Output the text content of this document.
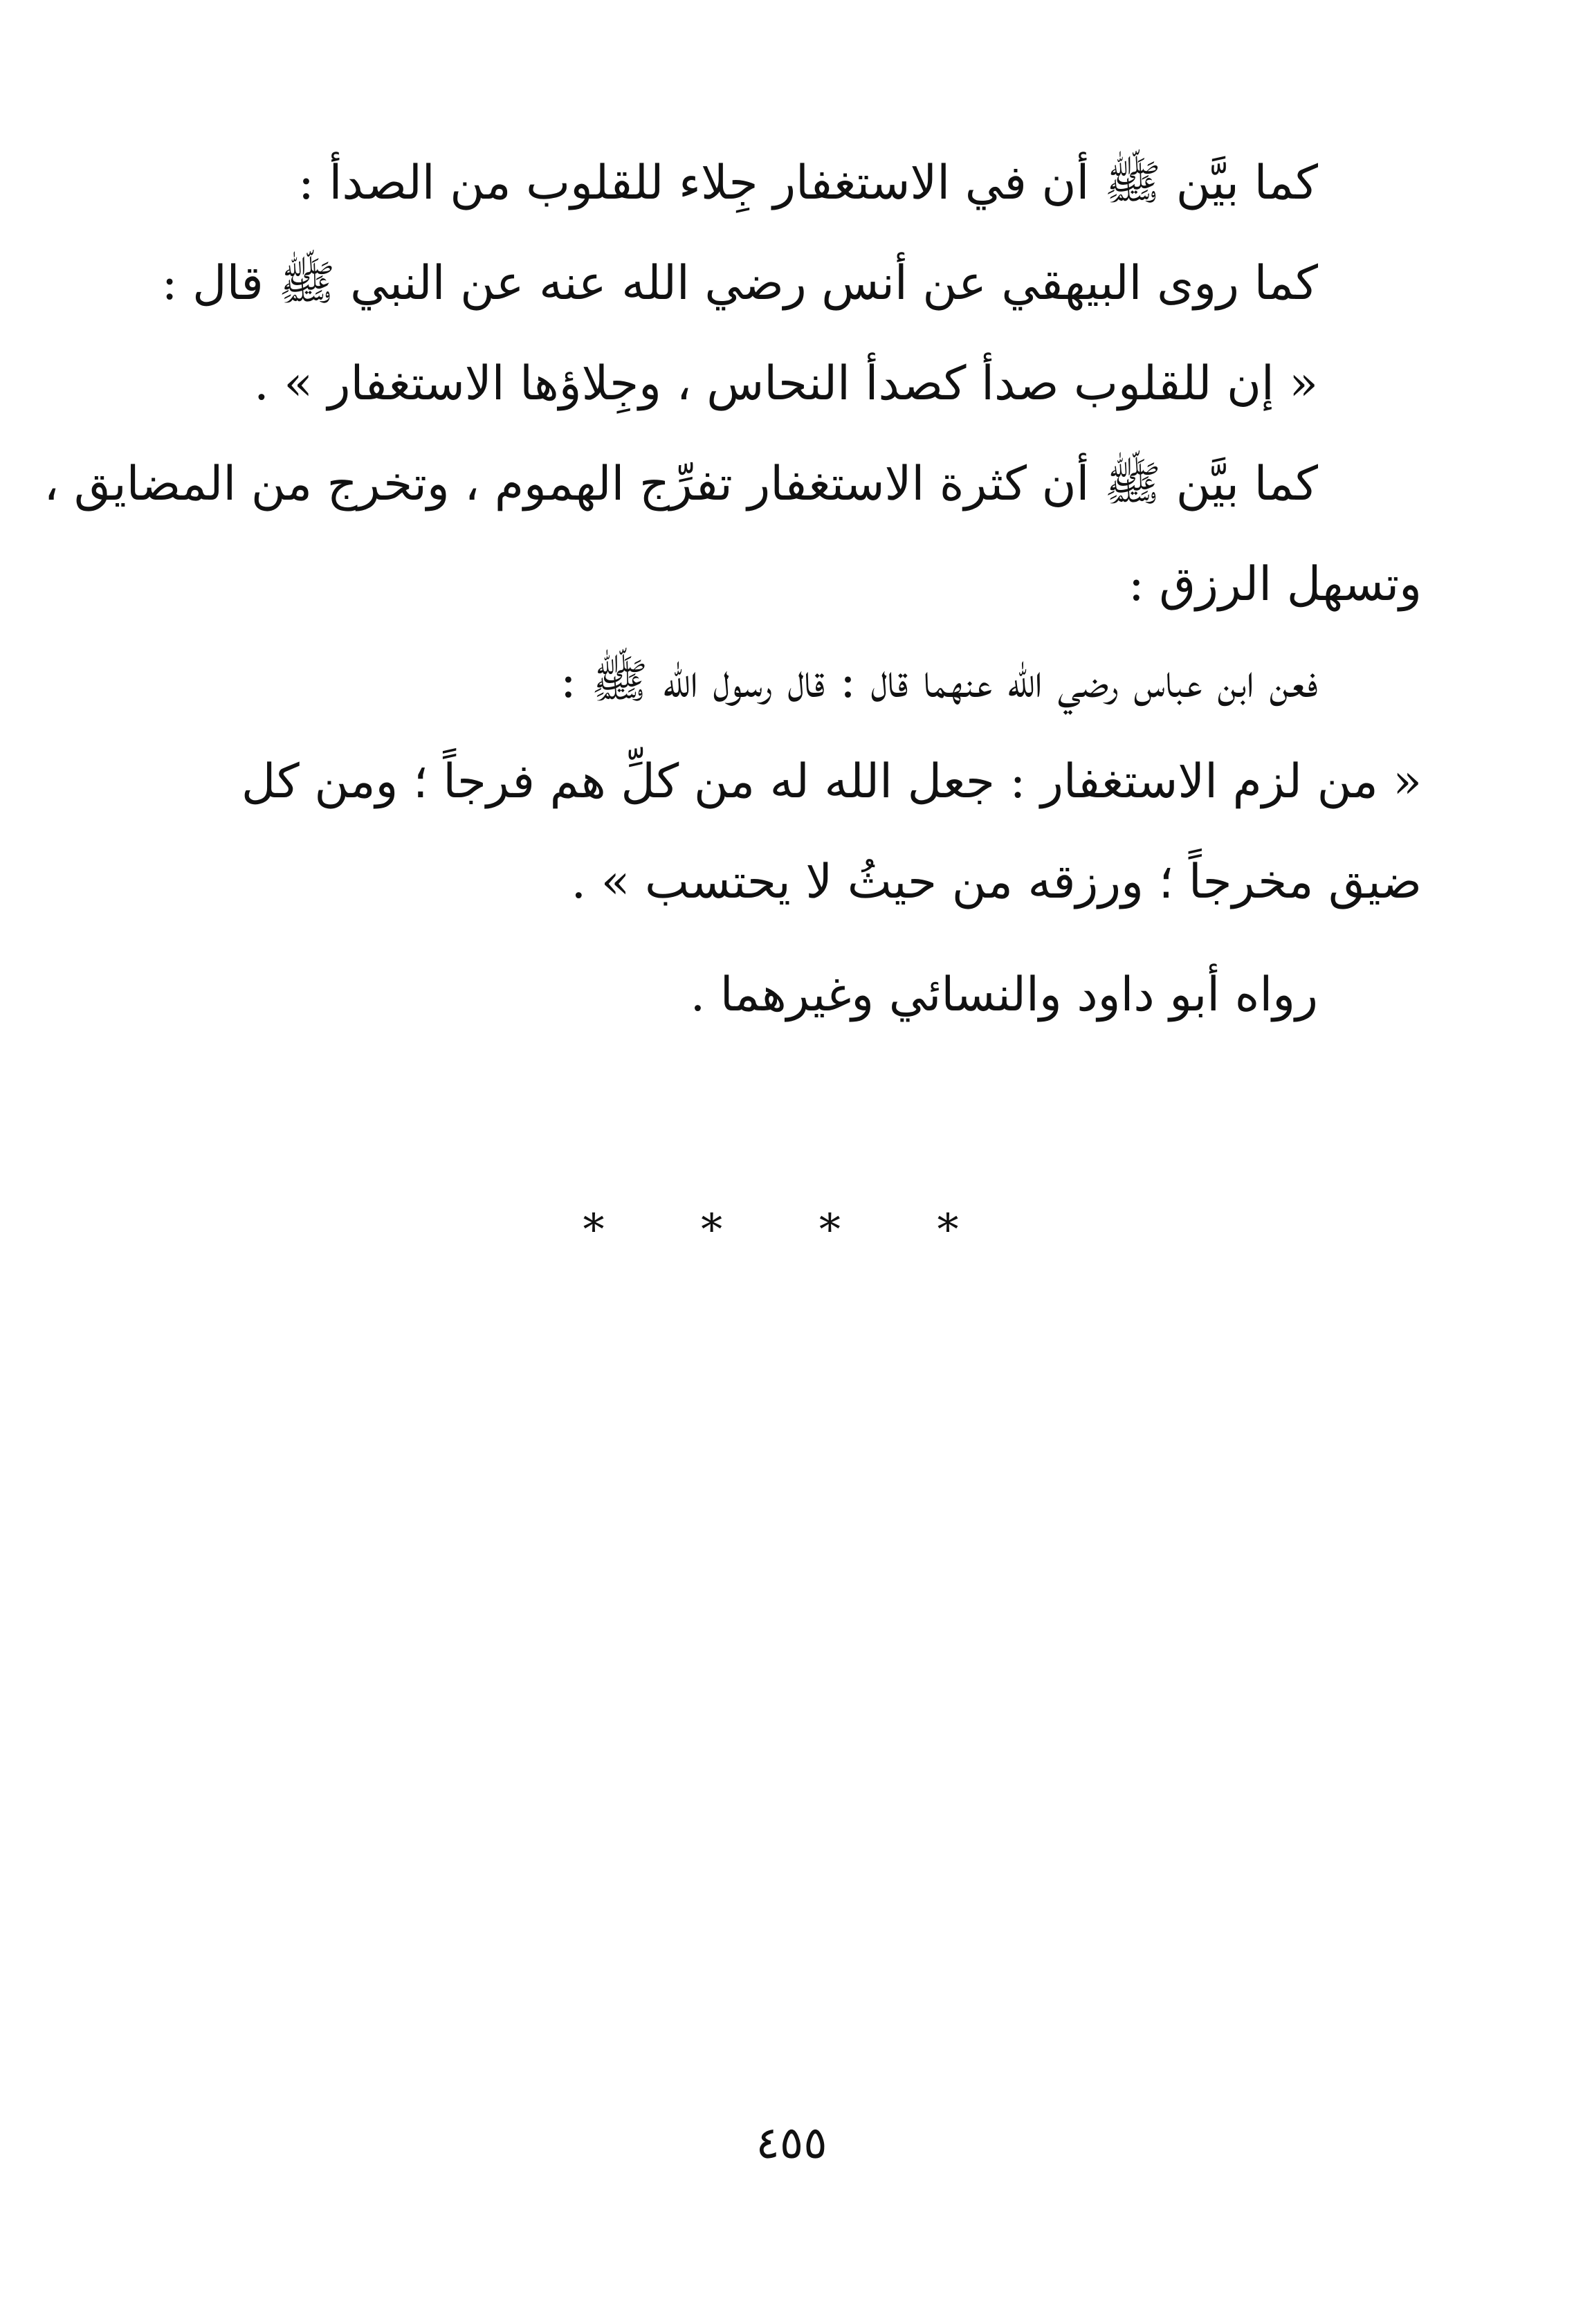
كما بيَّن ﷺ أن في الاستغفار جِلاء للقلوب من الصدأ :
كما روى البيهقي عن أنس رضي الله عنه عن النبي ﷺ قال :
« إن للقلوب صدأ كصدأ النحاس ، وجِلاؤها الاستغفار » .
كما بيَّن ﷺ أن كثرة الاستغفار تفرِّج الهموم ، وتخرج من المضايق ،
وتسهل الرزق :
فعن ابن عباس رضي الله عنهما قال : قال رسول الله ﷺ :
« من لزم الاستغفار : جعل الله له من كلِّ هم فرجاً ؛ ومن كل
ضيق مخرجاً ؛ ورزقه من حيثُ لا يحتسب » .
رواه أبو داود والنسائي وغيرهما .
* * * *
٤٥٥
